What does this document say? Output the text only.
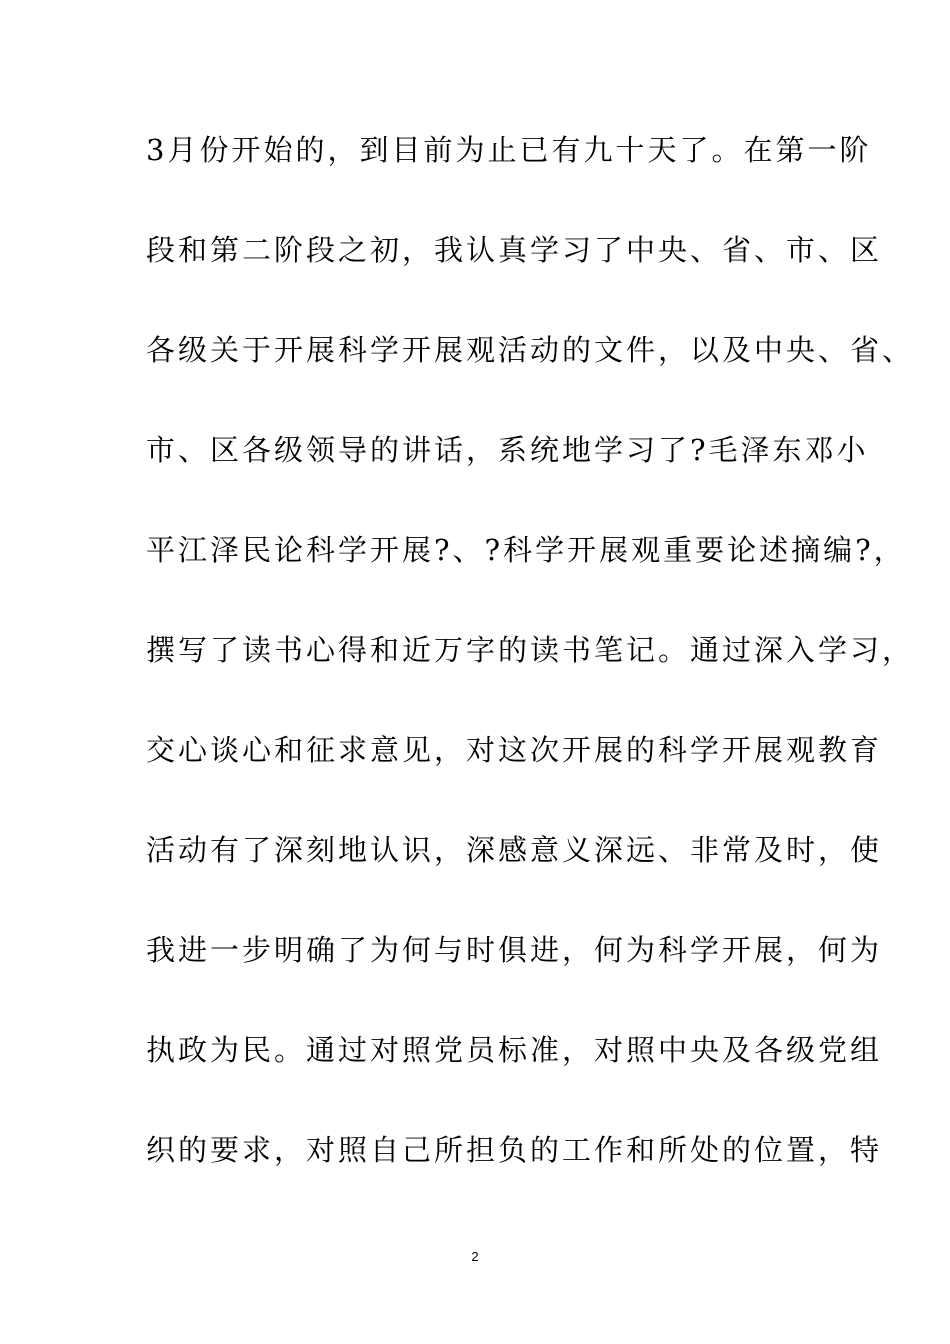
3月份开始的，到目前为止已有九十天了。在第一阶
段和第二阶段之初，我认真学习了中央、省、市、区
各级关于开展科学开展观活动的文件，以及中央、省、
市、区各级领导的讲话，系统地学习了?毛泽东邓小
平江泽民论科学开展?、?科学开展观重要论述摘编?，
撰写了读书心得和近万字的读书笔记。通过深入学习，
交心谈心和征求意见，对这次开展的科学开展观教育
活动有了深刻地认识，深感意义深远、非常及时，使
我进一步明确了为何与时俱进，何为科学开展，何为
执政为民。通过对照党员标准，对照中央及各级党组
织的要求，对照自己所担负的工作和所处的位置，特
2
